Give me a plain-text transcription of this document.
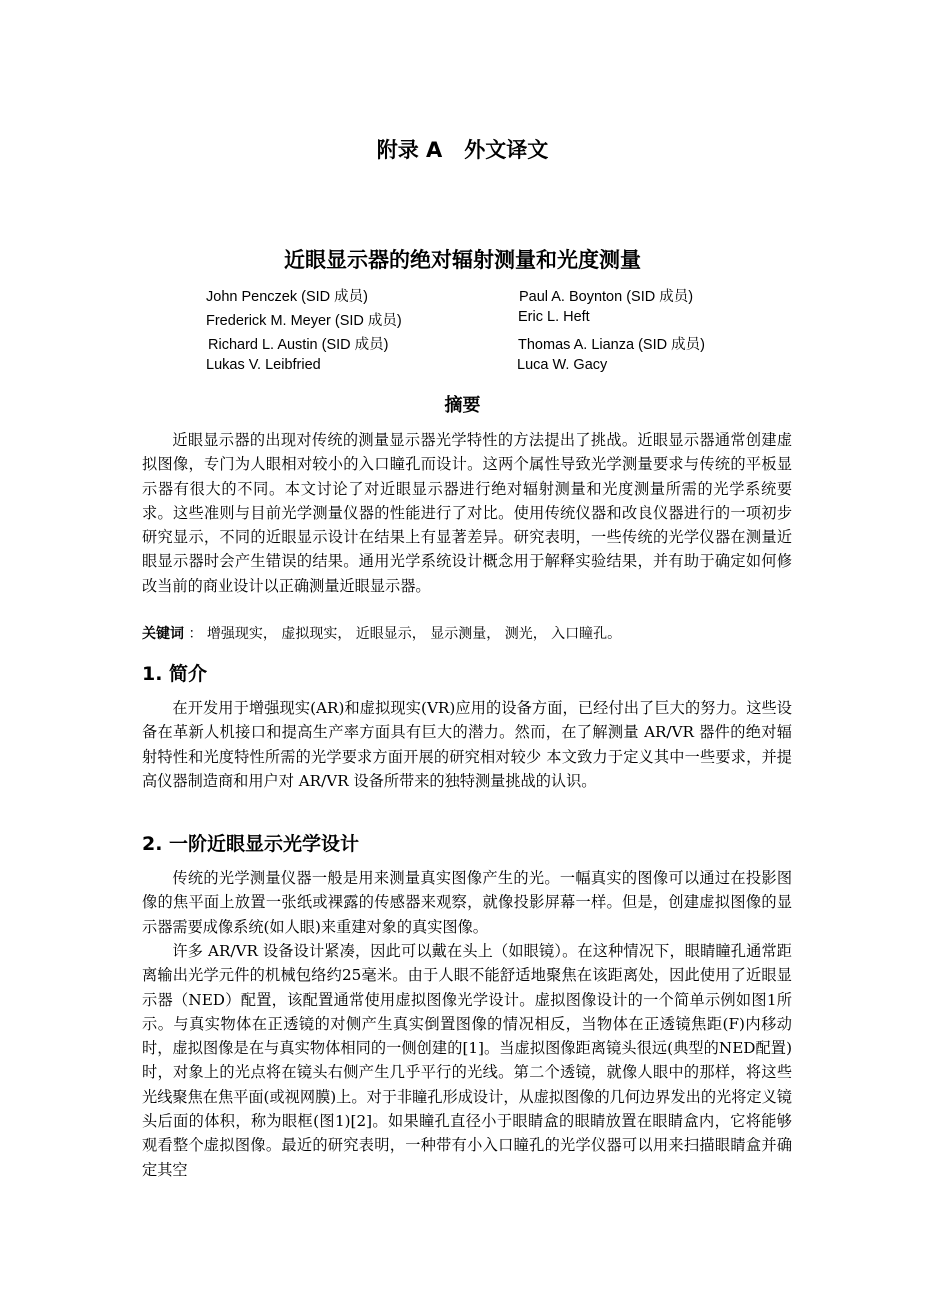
附录 A 外文译文
近眼显示器的绝对辐射测量和光度测量
John Penczek (SID 成员)	Paul A. Boynton (SID 成员)
Frederick M. Meyer (SID 成员)	Eric L. Heft
Richard L. Austin (SID 成员)	Thomas A. Lianza (SID 成员)
Lukas V. Leibfried	Luca W. Gacy
摘要

近眼显示器的出现对传统的测量显示器光学特性的方法提出了挑战。近眼显示器通常创建虚拟图像，专门为人眼相对较小的入口瞳孔而设计。这两个属性导致光学测量要求与传统的平板显示器有很大的不同。本文讨论了对近眼显示器进行绝对辐射测量和光度测量所需的光学系统要求。这些准则与目前光学测量仪器的性能进行了对比。使用传统仪器和改良仪器进行的一项初步研究显示，不同的近眼显示设计在结果上有显著差异。研究表明，一些传统的光学仪器在测量近眼显示器时会产生错误的结果。通用光学系统设计概念用于解释实验结果，并有助于确定如何修改当前的商业设计以正确测量近眼显示器。

关键词 ： 增强现实， 虚拟现实， 近眼显示， 显示测量， 测光， 入口瞳孔。
1. 简介

在开发用于增强现实(AR)和虚拟现实(VR)应用的设备方面，已经付出了巨大的努力。这些设备在革新人机接口和提高生产率方面具有巨大的潜力。然而，在了解测量 AR/VR 器件的绝对辐射特性和光度特性所需的光学要求方面开展的研究相对较少 本文致力于定义其中一些要求，并提高仪器制造商和用户对 AR/VR 设备所带来的独特测量挑战的认识。

2. 一阶近眼显示光学设计

传统的光学测量仪器一般是用来测量真实图像产生的光。一幅真实的图像可以通过在投影图像的焦平面上放置一张纸或裸露的传感器来观察，就像投影屏幕一样。但是，创建虚拟图像的显示器需要成像系统(如人眼)来重建对象的真实图像。

许多 AR/VR 设备设计紧凑，因此可以戴在头上（如眼镜）。在这种情况下，眼睛瞳孔通常距离输出光学元件的机械包络约25毫米。由于人眼不能舒适地聚焦在该距离处，因此使用了近眼显示器（NED）配置，该配置通常使用虚拟图像光学设计。虚拟图像设计的一个简单示例如图1所示。与真实物体在正透镜的对侧产生真实倒置图像的情况相反，当物体在正透镜焦距(F)内移动时，虚拟图像是在与真实物体相同的一侧创建的[1]。当虚拟图像距离镜头很远(典型的NED配置)时，对象上的光点将在镜头右侧产生几乎平行的光线。第二个透镜，就像人眼中的那样，将这些光线聚焦在焦平面(或视网膜)上。对于非瞳孔形成设计，从虚拟图像的几何边界发出的光将定义镜头后面的体积，称为眼框(图1)[2]。如果瞳孔直径小于眼睛盒的眼睛放置在眼睛盒内，它将能够观看整个虚拟图像。最近的研究表明，一种带有小入口瞳孔的光学仪器可以用来扫描眼睛盒并确定其空
